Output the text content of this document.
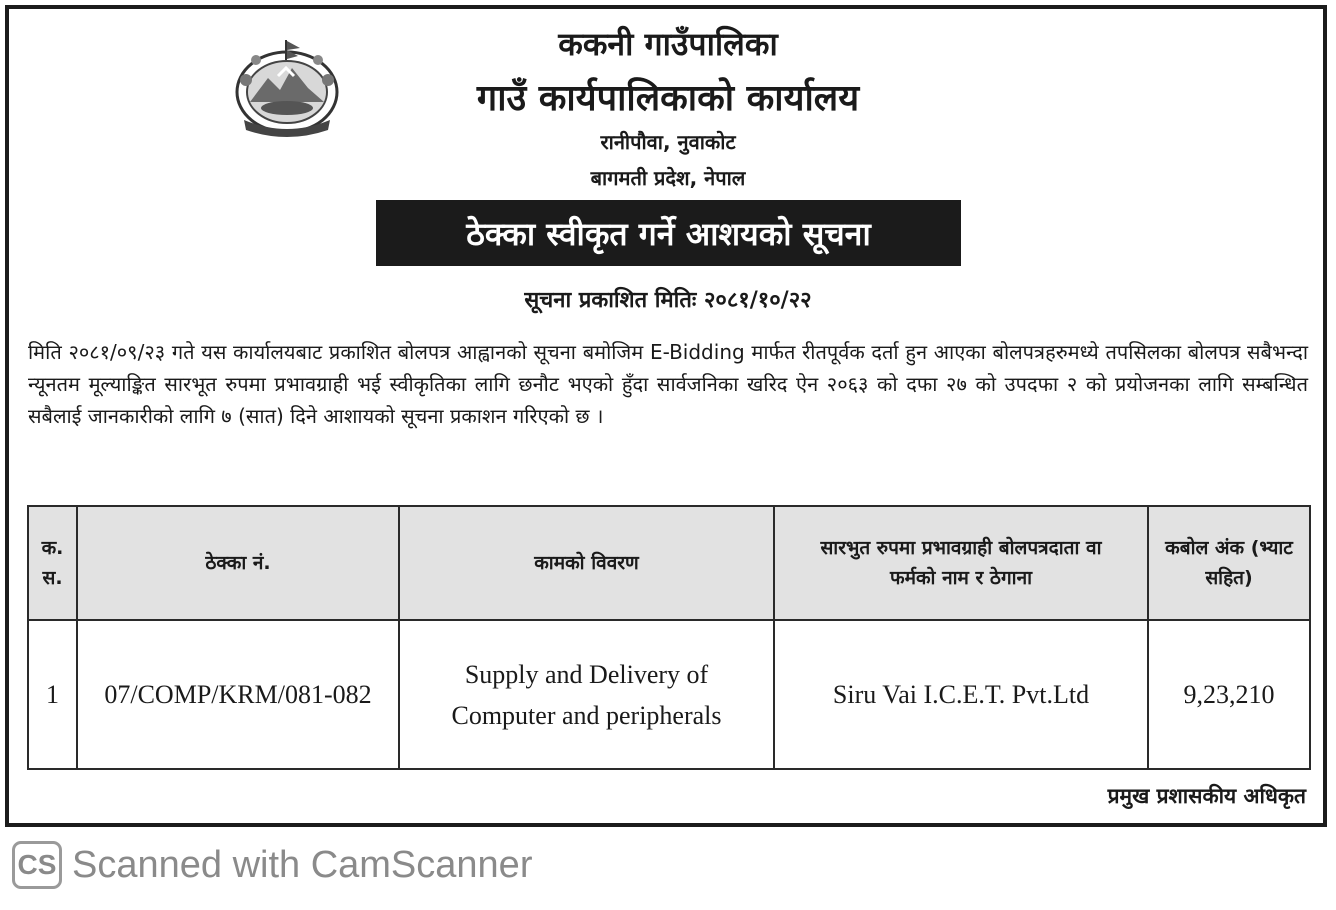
ककनी गाउँपालिका
गाउँ कार्यपालिकाको कार्यालय
रानीपौवा, नुवाकोट
बागमती प्रदेश, नेपाल
ठेक्का स्वीकृत गर्ने आशयको सूचना
सूचना प्रकाशित मितिः २०८१/१०/२२
मिति २०८१/०९/२३ गते यस कार्यालयबाट प्रकाशित बोलपत्र आह्वानको सूचना बमोजिम E-Bidding मार्फत रीतपूर्वक दर्ता हुन आएका बोलपत्रहरुमध्ये तपसिलका बोलपत्र सबैभन्दा न्यूनतम मूल्याङ्कित सारभूत रुपमा प्रभावग्राही भई स्वीकृतिका लागि छनौट भएको हुँदा सार्वजनिका खरिद ऐन २०६३ को दफा २७ को उपदफा २ को प्रयोजनका लागि सम्बन्धित सबैलाई जानकारीको लागि ७ (सात) दिने आशायको सूचना प्रकाशन गरिएको छ ।
क. स.	ठेक्का नं.	कामको विवरण	सारभुत रुपमा प्रभावग्राही बोलपत्रदाता वा फर्मको नाम र ठेगाना	कबोल अंक (भ्याट सहित)
1	07/COMP/KRM/081-082	Supply and Delivery of Computer and peripherals	Siru Vai I.C.E.T. Pvt.Ltd	9,23,210
प्रमुख प्रशासकीय अधिकृत
CS Scanned with CamScanner
